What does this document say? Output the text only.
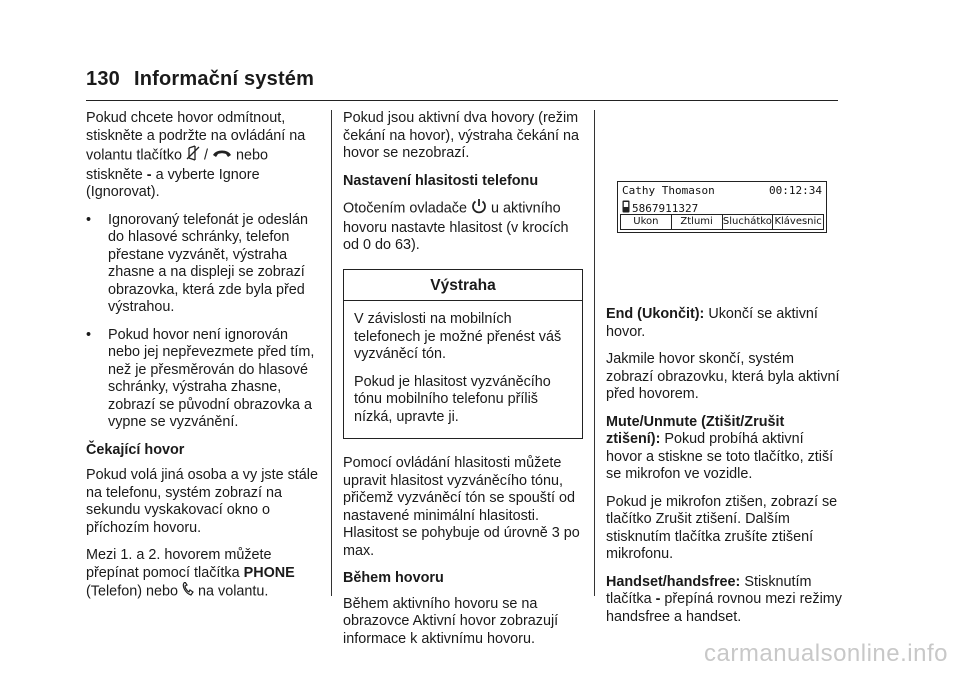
130 Informační systém

Pokud chcete hovor odmítnout, stiskněte a podržte na ovládání na volantu tlačítko / nebo stiskněte - a vyberte Ignore (Ignorovat).

•	Ignorovaný telefonát je odeslán do hlasové schránky, telefon přestane vyzvánět, výstraha zhasne a na displeji se zobrazí obrazovka, která zde byla před výstrahou.
•	Pokud hovor není ignorován nebo jej nepřevezmete před tím, než je přesměrován do hlasové schránky, výstraha zhasne, zobrazí se původní obrazovka a vypne se vyzvánění.
Čekající hovor

Pokud volá jiná osoba a vy jste stále na telefonu, systém zobrazí na sekundu vyskakovací okno o příchozím hovoru.

Mezi 1. a 2. hovorem můžete přepínat pomocí tlačítka PHONE (Telefon) nebo na volantu.

Pokud jsou aktivní dva hovory (režim čekání na hovor), výstraha čekání na hovor se nezobrazí.

Nastavení hlasitosti telefonu

Otočením ovladače u aktivního hovoru nastavte hlasitost (v krocích od 0 do 63).

Výstraha

V závislosti na mobilních telefonech je možné přenést váš vyzváněcí tón.

Pokud je hlasitost vyzváněcího tónu mobilního telefonu příliš nízká, upravte ji.

Pomocí ovládání hlasitosti můžete upravit hlasitost vyzváněcího tónu, přičemž vyzváněcí tón se spouští od nastavené minimální hlasitosti. Hlasitost se pohybuje od úrovně 3 po max.

Během hovoru

Během aktivního hovoru se na obrazovce Aktivní hovor zobrazují informace k aktivnímu hovoru.

Cathy Thomason	00:12:34
5867911327
Ukon	Ztlumi	Sluchátko Klávesnic

End (Ukončit): Ukončí se aktivní hovor.

Jakmile hovor skončí, systém zobrazí obrazovku, která byla aktivní před hovorem.

Mute/Unmute (Ztišit/Zrušit ztišení): Pokud probíhá aktivní hovor a stiskne se toto tlačítko, ztiší se mikrofon ve vozidle.

Pokud je mikrofon ztišen, zobrazí se tlačítko Zrušit ztišení. Dalším stisknutím tlačítka zrušíte ztišení mikrofonu.

Handset/handsfree: Stisknutím tlačítka - přepíná rovnou mezi režimy handsfree a handset.

carmanualsonline.info
